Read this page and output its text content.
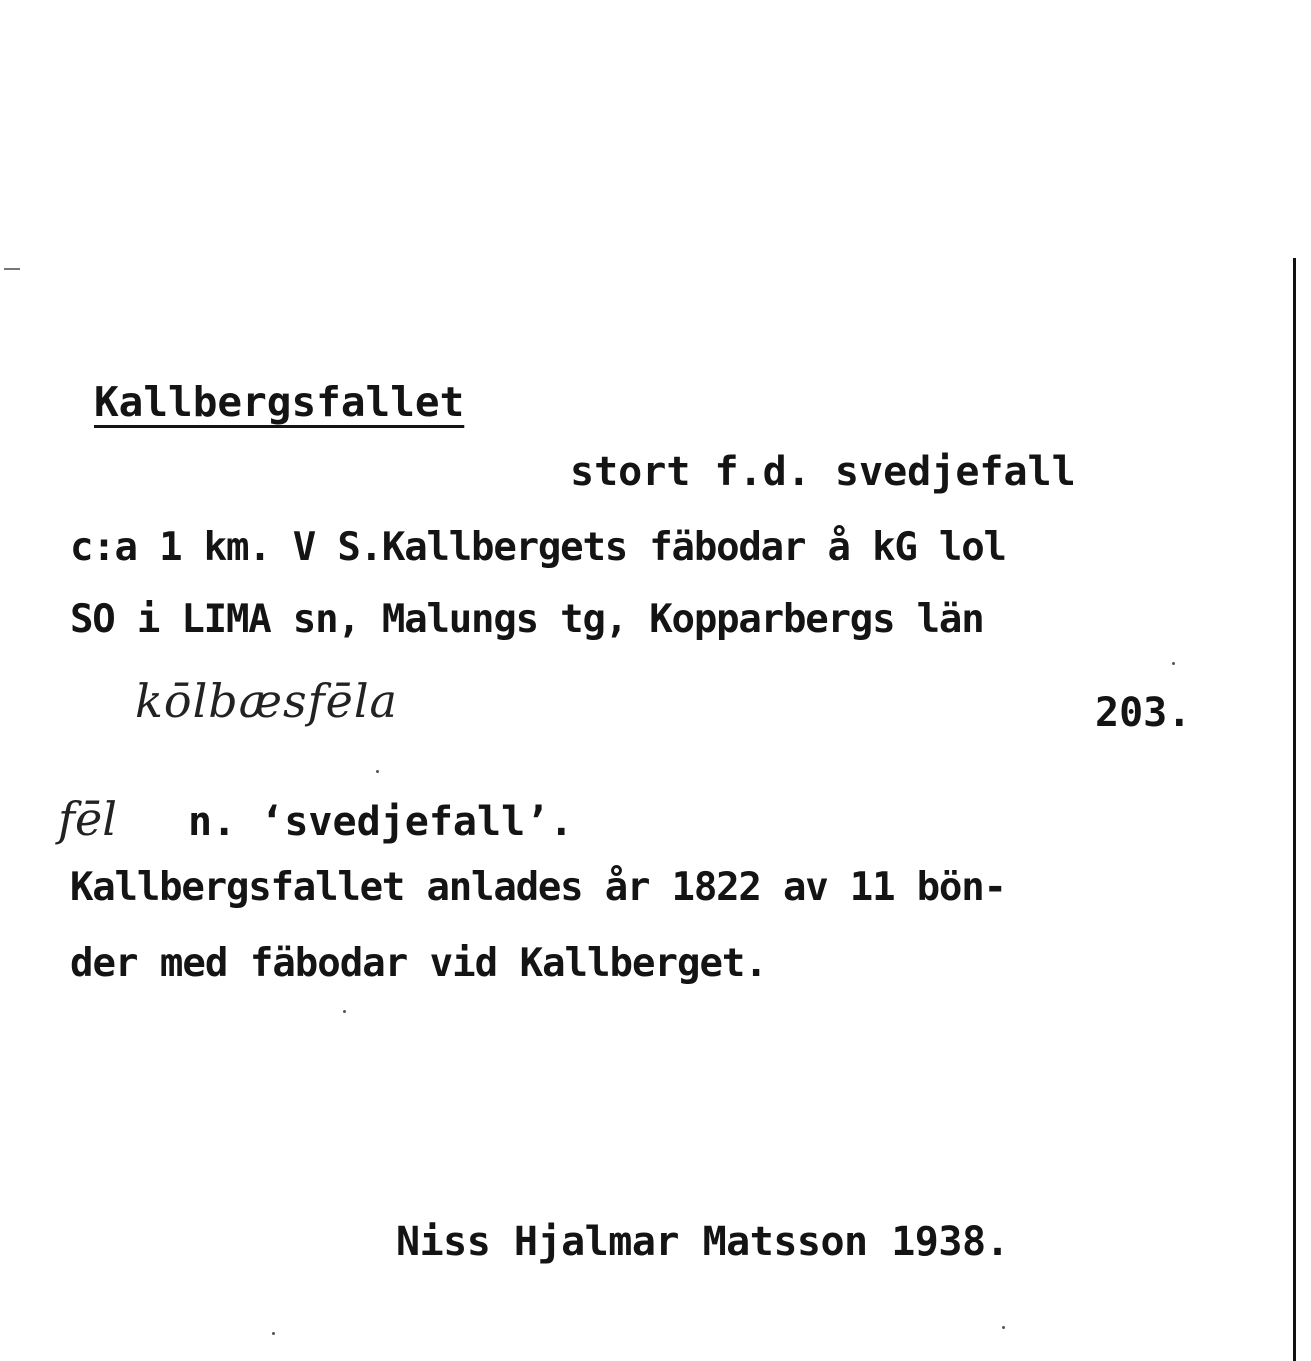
Kallbergsfallet
stort f.d. svedjefall
c:a 1 km. V S.Kallbergets fäbodar å kG lol
SO i LIMA sn, Malungs tg, Kopparbergs län
kōlbæsfēla	203.
fēl n. ‘svedjefall’.
Kallbergsfallet anlades år 1822 av 11 bön-
der med fäbodar vid Kallberget.
Niss Hjalmar Matsson 1938.
